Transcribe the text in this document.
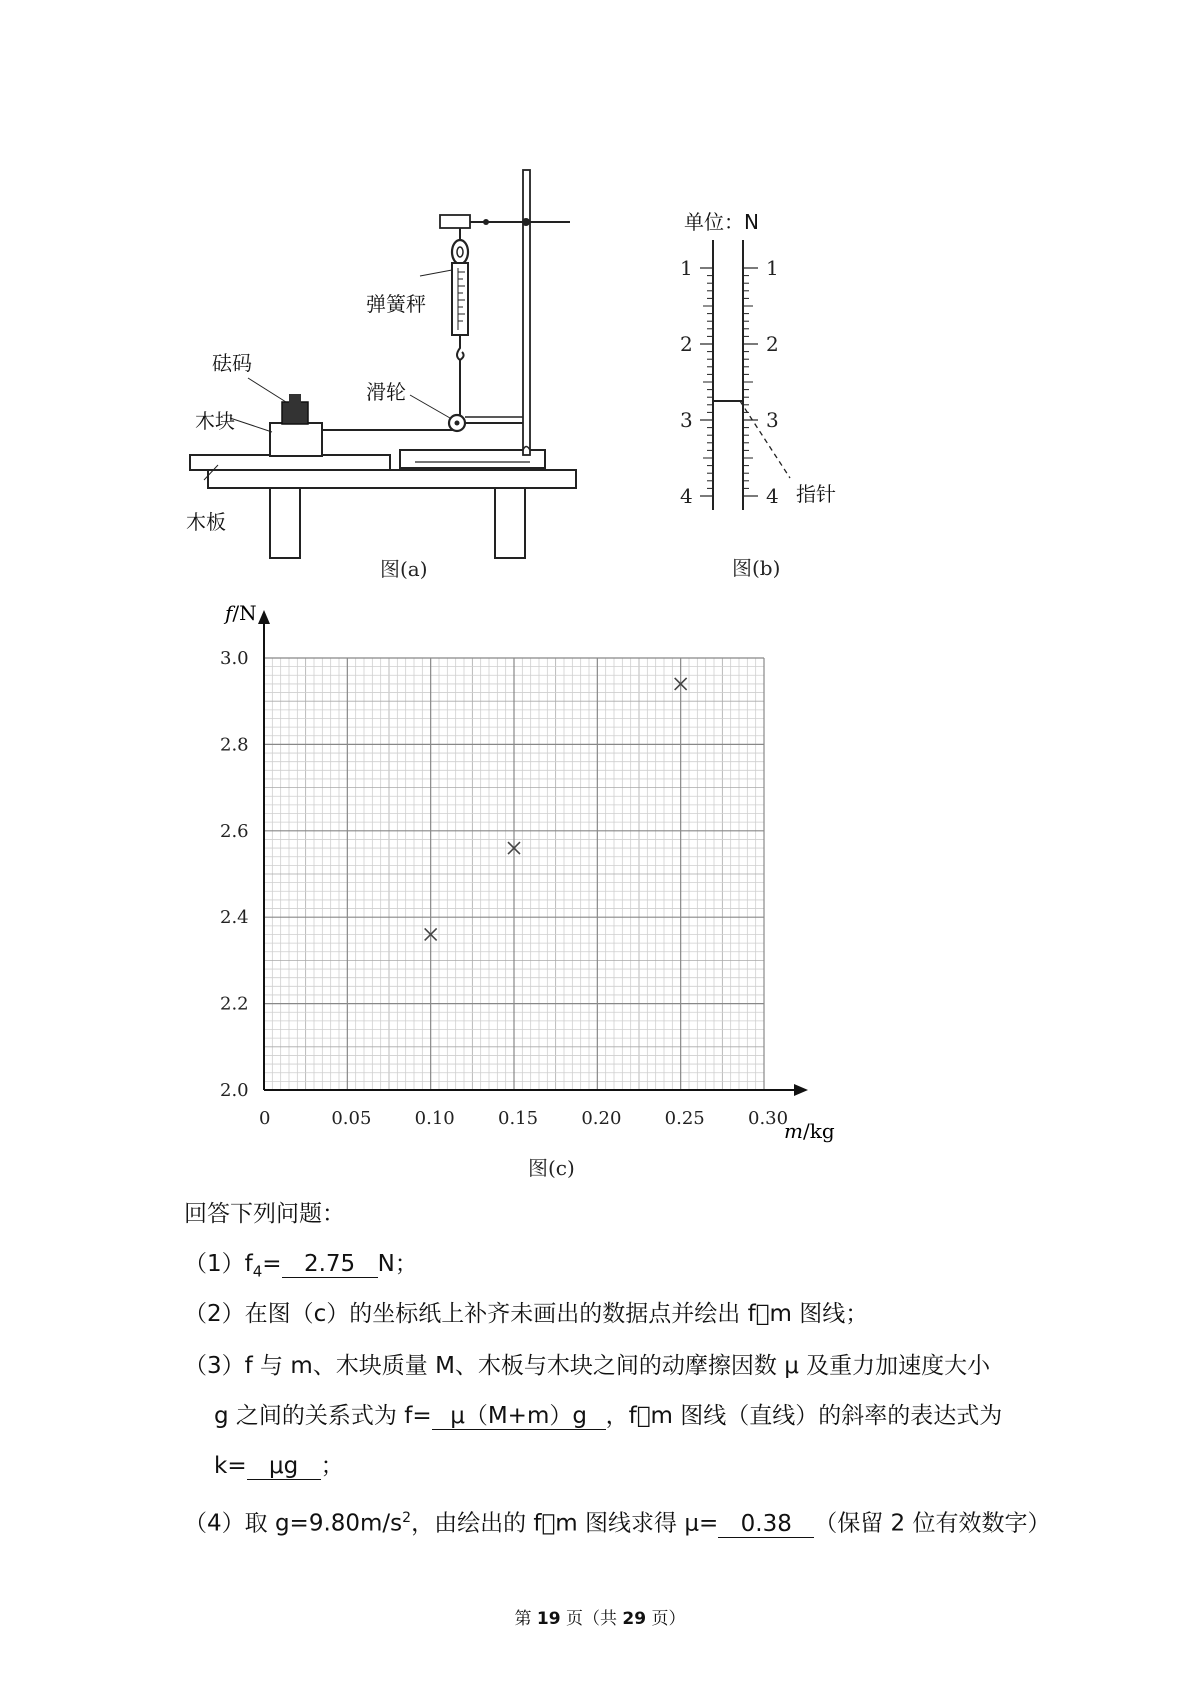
弹簧秤
砝码
木块
滑轮
木板
图(a)
单位：N
1
2
3
4
1
2
3
4 指针
图(b)
0	0.05 0.10 0.15 0.20 0.25 0.30
3.0
2.8
2.6
2.4
2.2
2.0
f/N
m/kg
图(c)
回答下列问题：
$(1)f_4= 2.75$ N；
（2）在图（c）的坐标纸上补齐未画出的数据点并绘出 f􏰀m 图线；
（3）f 与 m、木块质量 M、木板与木块之间的动摩擦因数 μ 及重力加速度大小
g 之间的关系式为 f= μ（M+m）g ，f􏰀m 图线（直线）的斜率的表达式为
k= μg ；
（4）取 $g=9.80m/s^2$，由绘出的 f􏰀m 图线求得 μ= 0.38 （保留 2 位有效数字）
第 19 页（共 29 页）
